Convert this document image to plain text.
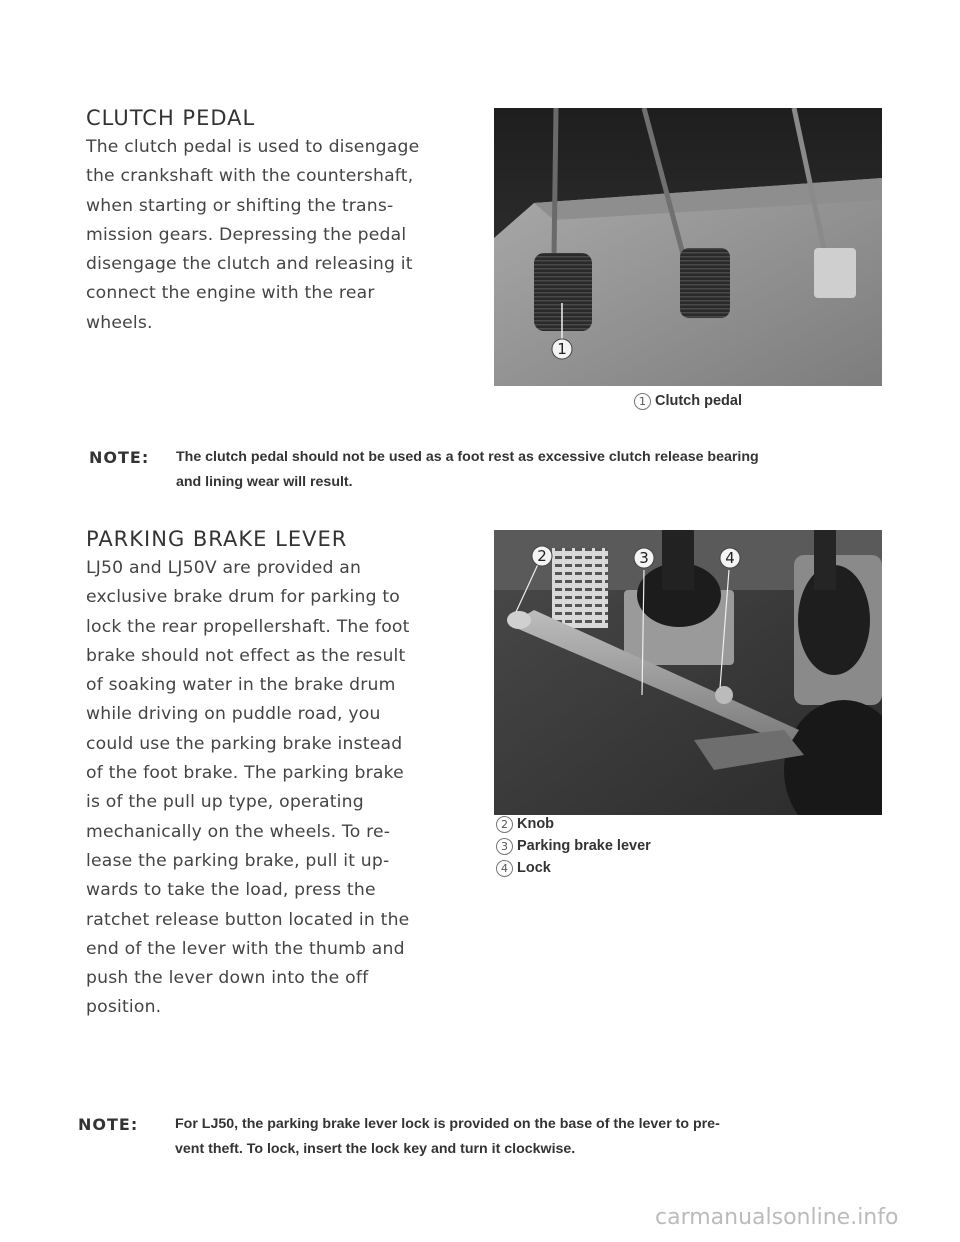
CLUTCH PEDAL
The clutch pedal is used to disengage
the crankshaft with the countershaft,
when starting or shifting the trans-
mission gears. Depressing the pedal
disengage the clutch and releasing it
connect the engine with the rear
wheels.
1
1 Clutch pedal
NOTE: The clutch pedal should not be used as a foot rest as excessive clutch release bearing
and lining wear will result.
PARKING BRAKE LEVER
LJ50 and LJ50V are provided an
exclusive brake drum for parking to
lock the rear propellershaft. The foot
brake should not effect as the result
of soaking water in the brake drum
while driving on puddle road, you
could use the parking brake instead
of the foot brake. The parking brake
is of the pull up type, operating
mechanically on the wheels. To re-
lease the parking brake, pull it up-
wards to take the load, press the
ratchet release button located in the
end of the lever with the thumb and
push the lever down into the off
position.
2	3	4
2 Knob
3 Parking brake lever
4 Lock
NOTE:	For LJ50, the parking brake lever lock is provided on the base of the lever to pre-
vent theft. To lock, insert the lock key and turn it clockwise.
carmanualsonline.info
